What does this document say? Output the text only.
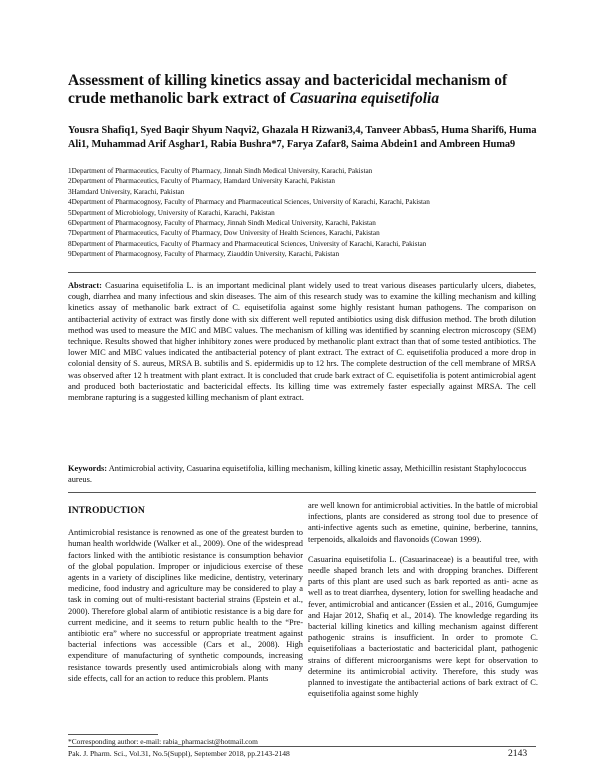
Assessment of killing kinetics assay and bactericidal mechanism of crude methanolic bark extract of Casuarina equisetifolia
Yousra Shafiq1, Syed Baqir Shyum Naqvi2, Ghazala H Rizwani3,4, Tanveer Abbas5, Huma Sharif6, Huma Ali1, Muhammad Arif Asghar1, Rabia Bushra*7, Farya Zafar8, Saima Abdein1 and Ambreen Huma9
1Department of Pharmaceutics, Faculty of Pharmacy, Jinnah Sindh Medical University, Karachi, Pakistan
2Department of Pharmaceutics, Faculty of Pharmacy, Hamdard University Karachi, Pakistan
3Hamdard University, Karachi, Pakistan
4Department of Pharmacognosy, Faculty of Pharmacy and Pharmaceutical Sciences, University of Karachi, Karachi, Pakistan
5Department of Microbiology, University of Karachi, Karachi, Pakistan
6Department of Pharmacognosy, Faculty of Pharmacy, Jinnah Sindh Medical University, Karachi, Pakistan
7Department of Pharmaceutics, Faculty of Pharmacy, Dow University of Health Sciences, Karachi, Pakistan
8Department of Pharmaceutics, Faculty of Pharmacy and Pharmaceutical Sciences, University of Karachi, Karachi, Pakistan
9Department of Pharmacognosy, Faculty of Pharmacy, Ziauddin University, Karachi, Pakistan
Abstract: Casuarina equisetifolia L. is an important medicinal plant widely used to treat various diseases particularly ulcers, diabetes, cough, diarrhea and many infectious and skin diseases. The aim of this research study was to examine the killing mechanism and killing kinetics assay of methanolic bark extract of C. equisetifolia against some highly resistant human pathogens. The comparison on antibacterial activity of extract was firstly done with six different well reputed antibiotics using disk diffusion method. The broth dilution method was used to measure the MIC and MBC values. The mechanism of killing was identified by scanning electron microscopy (SEM) technique. Results showed that higher inhibitory zones were produced by methanolic plant extract than that of some tested antibiotics. The lower MIC and MBC values indicated the antibacterial potency of plant extract. The extract of C. equisetifolia produced a more drop in colonial density of S. aureus, MRSA B. subtilis and S. epidermidis up to 12 hrs. The complete destruction of the cell membrane of MRSA was observed after 12 h treatment with plant extract. It is concluded that crude bark extract of C. equisetifolia is potent antimicrobial agent and produced both bacteriostatic and bactericidal effects. Its killing time was extremely faster especially against MRSA. The cell membrane rapturing is a suggested killing mechanism of plant extract.
Keywords: Antimicrobial activity, Casuarina equisetifolia, killing mechanism, killing kinetic assay, Methicillin resistant Staphylococcus aureus.
INTRODUCTION
Antimicrobial resistance is renowned as one of the greatest burden to human health worldwide (Walker et al., 2009). One of the widespread factors linked with the antibiotic resistance is consumption behavior of the global population. Improper or injudicious exercise of these agents in a variety of disciplines like medicine, dentistry, veterinary medicine, food industry and agriculture may be considered to play a task in coming out of multi-resistant bacterial strains (Epstein et al., 2000). Therefore global alarm of antibiotic resistance is a big dare for current medicine, and it seems to return public health to the “Pre-antibiotic era” where no successful or appropriate treatment against bacterial infections was accessible (Cars et al., 2008). High expenditure of manufacturing of synthetic compounds, increasing resistance towards presently used antimicrobials along with many side effects, call for an action to reduce this problem. Plants
are well known for antimicrobial activities. In the battle of microbial infections, plants are considered as strong tool due to presence of anti-infective agents such as emetine, quinine, berberine, tannins, terpenoids, alkaloids and flavonoids (Cowan 1999).
Casuarina equisetifolia L. (Casuarinaceae) is a beautiful tree, with needle shaped branch lets and with dropping branches. Different parts of this plant are used such as bark reported as anti- acne as well as to treat diarrhea, dysentery, lotion for swelling headache and fever, antimicrobial and anticancer (Essien et al., 2016, Gumgumjee and Hajar 2012, Shafiq et al., 2014). The knowledge regarding its bacterial killing kinetics and killing mechanism against different pathogenic strains is insufficient. In order to promote C. equisetifoliaas a bacteriostatic and bactericidal plant, pathogenic strains of different microorganisms were kept for observation to determine its antimicrobial activity. Therefore, this study was planned to investigate the antibacterial actions of bark extract of C. equisetifolia against some highly
*Corresponding author: e-mail: rabia_pharmacist@hotmail.com
Pak. J. Pharm. Sci., Vol.31, No.5(Suppl), September 2018, pp.2143-2148	2143
